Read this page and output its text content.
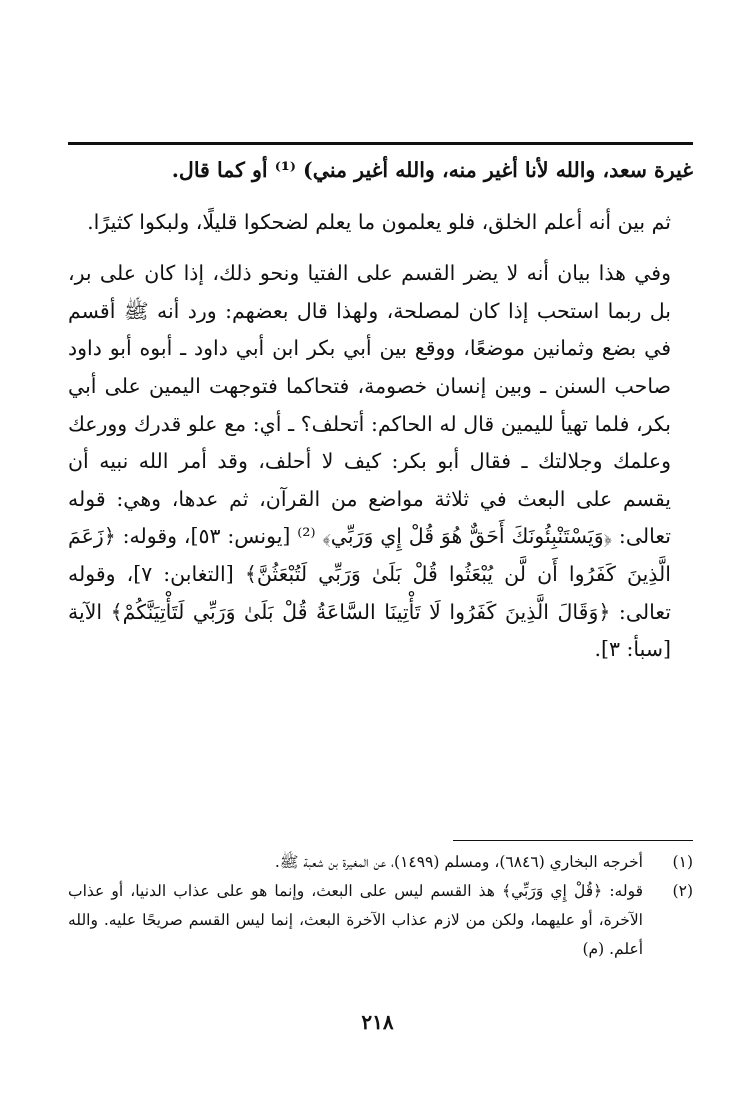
غيرة سعد، والله لأنا أغير منه، والله أغير مني) ⁽¹⁾ أو كما قال.

ثم بين أنه أعلم الخلق، فلو يعلمون ما يعلم لضحكوا قليلًا، ولبكوا كثيرًا.

وفي هذا بيان أنه لا يضر القسم على الفتيا ونحو ذلك، إذا كان على بر، بل ربما استحب إذا كان لمصلحة، ولهذا قال بعضهم: ورد أنه ﷺ أقسم في بضع وثمانين موضعًا، ووقع بين أبي بكر ابن أبي داود ـ أبوه أبو داود صاحب السنن ـ وبين إنسان خصومة، فتحاكما فتوجهت اليمين على أبي بكر، فلما تهيأ لليمين قال له الحاكم: أتحلف؟ ـ أي: مع علو قدرك وورعك وعلمك وجلالتك ـ فقال أبو بكر: كيف لا أحلف، وقد أمر الله نبيه أن يقسم على البعث في ثلاثة مواضع من القرآن، ثم عدها، وهي: قوله تعالى: ﴿وَيَسْتَنْبِئُونَكَ أَحَقٌّ هُوَ قُلْ إِي وَرَبِّي﴾ ⁽²⁾ [يونس: ٥٣]، وقوله: ﴿زَعَمَ الَّذِينَ كَفَرُوا أَن لَّن يُبْعَثُوا قُلْ بَلَىٰ وَرَبِّي لَتُبْعَثُنَّ﴾ [التغابن: ٧]، وقوله تعالى: ﴿وَقَالَ الَّذِينَ كَفَرُوا لَا تَأْتِينَا السَّاعَةُ قُلْ بَلَىٰ وَرَبِّي لَتَأْتِيَنَّكُمْ﴾ الآية [سبأ: ٣].

(١)
أخرجه البخاري (٦٨٤٦)، ومسلم (١٤٩٩)، عن المغيرة بن شعبة ﷺ.
(٢)
قوله: ﴿قُلْ إِي وَرَبِّي﴾ هذ القسم ليس على البعث، وإنما هو على عذاب الدنيا، أو عذاب الآخرة، أو عليهما، ولكن من لازم عذاب الآخرة البعث، إنما ليس القسم صريحًا عليه. والله أعلم. (م)
٢١٨
